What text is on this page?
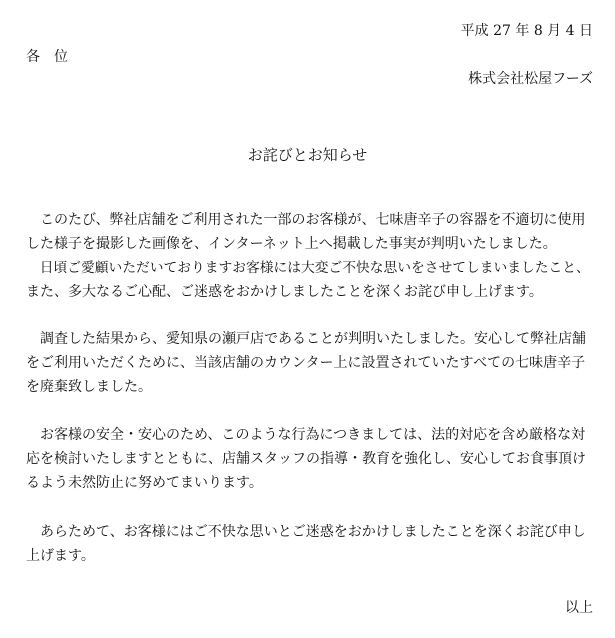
平成 27 年 8 月 4 日
各位
株式会社松屋フーズ
お詫びとお知らせ
　このたび、弊社店舗をご利用された一部のお客様が、七味唐辛子の容器を不適切に使用
した様子を撮影した画像を、インターネット上へ掲載した事実が判明いたしました。
　日頃ご愛顧いただいておりますお客様には大変ご不快な思いをさせてしまいましたこと、
また、多大なるご心配、ご迷惑をおかけしましたことを深くお詫び申し上げます。
　調査した結果から、愛知県の瀬戸店であることが判明いたしました。安心して弊社店舗
をご利用いただくために、当該店舗のカウンター上に設置されていたすべての七味唐辛子
を廃棄致しました。
　お客様の安全・安心のため、このような行為につきましては、法的対応を含め厳格な対
応を検討いたしますとともに、店舗スタッフの指導・教育を強化し、安心してお食事頂け
るよう未然防止に努めてまいります。
　あらためて、お客様にはご不快な思いとご迷惑をおかけしましたことを深くお詫び申し
上げます。
以上
